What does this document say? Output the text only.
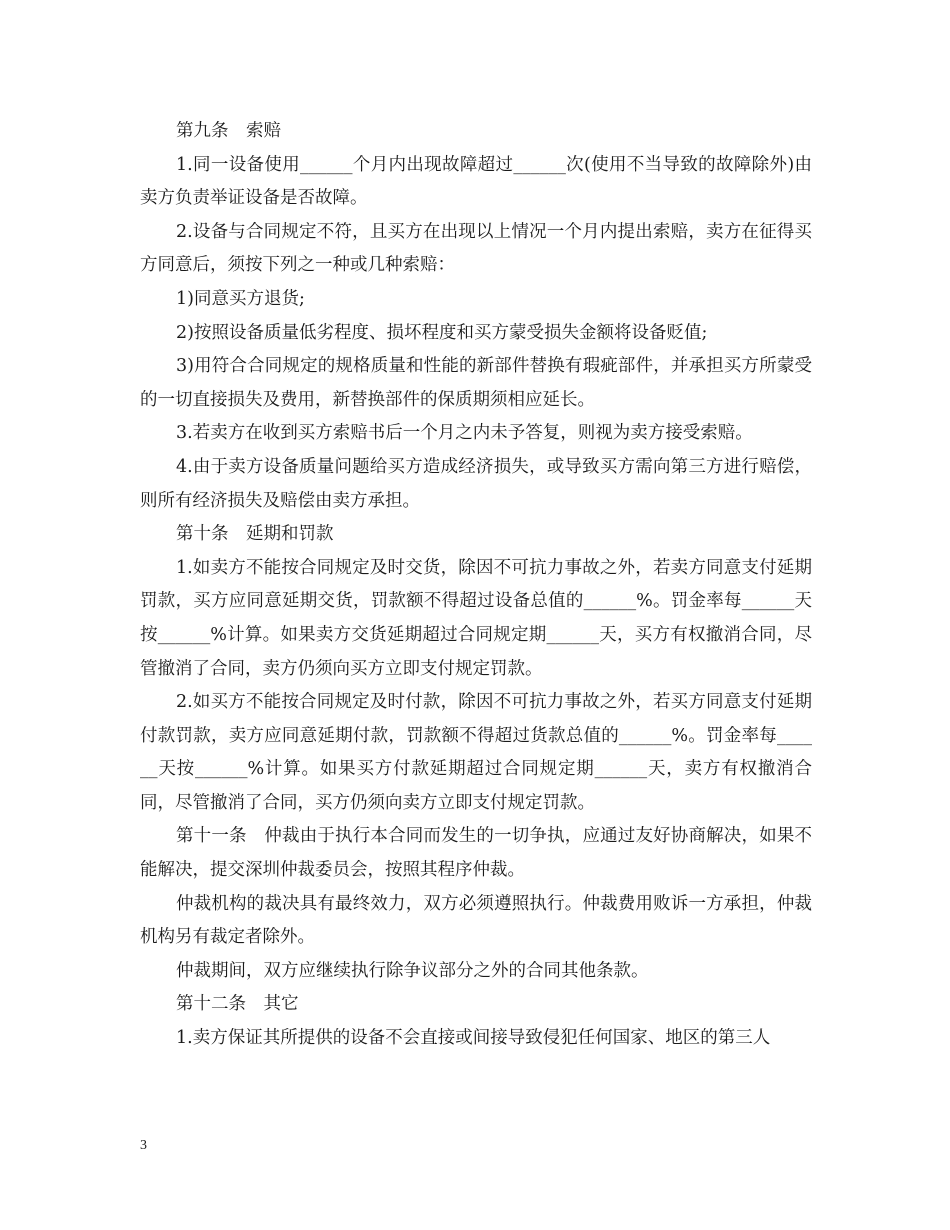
第九条　索赔

1.同一设备使用______个月内出现故障超过______次(使用不当导致的故障除外)由卖方负责举证设备是否故障。

2.设备与合同规定不符，且买方在出现以上情况一个月内提出索赔，卖方在征得买方同意后，须按下列之一种或几种索赔：

1)同意买方退货;

2)按照设备质量低劣程度、损坏程度和买方蒙受损失金额将设备贬值;

3)用符合合同规定的规格质量和性能的新部件替换有瑕疵部件，并承担买方所蒙受的一切直接损失及费用，新替换部件的保质期须相应延长。

3.若卖方在收到买方索赔书后一个月之内未予答复，则视为卖方接受索赔。

4.由于卖方设备质量问题给买方造成经济损失，或导致买方需向第三方进行赔偿，则所有经济损失及赔偿由卖方承担。

第十条　延期和罚款

1.如卖方不能按合同规定及时交货，除因不可抗力事故之外，若卖方同意支付延期罚款，买方应同意延期交货，罚款额不得超过设备总值的______%。罚金率每______天按______%计算。如果卖方交货延期超过合同规定期______天，买方有权撤消合同，尽管撤消了合同，卖方仍须向买方立即支付规定罚款。

2.如买方不能按合同规定及时付款，除因不可抗力事故之外，若买方同意支付延期付款罚款，卖方应同意延期付款，罚款额不得超过货款总值的______%。罚金率每______天按______%计算。如果买方付款延期超过合同规定期______天，卖方有权撤消合同，尽管撤消了合同，买方仍须向卖方立即支付规定罚款。

第十一条　仲裁由于执行本合同而发生的一切争执，应通过友好协商解决，如果不能解决，提交深圳仲裁委员会，按照其程序仲裁。

仲裁机构的裁决具有最终效力，双方必须遵照执行。仲裁费用败诉一方承担，仲裁机构另有裁定者除外。

仲裁期间，双方应继续执行除争议部分之外的合同其他条款。

第十二条　其它

1.卖方保证其所提供的设备不会直接或间接导致侵犯任何国家、地区的第三人

3
